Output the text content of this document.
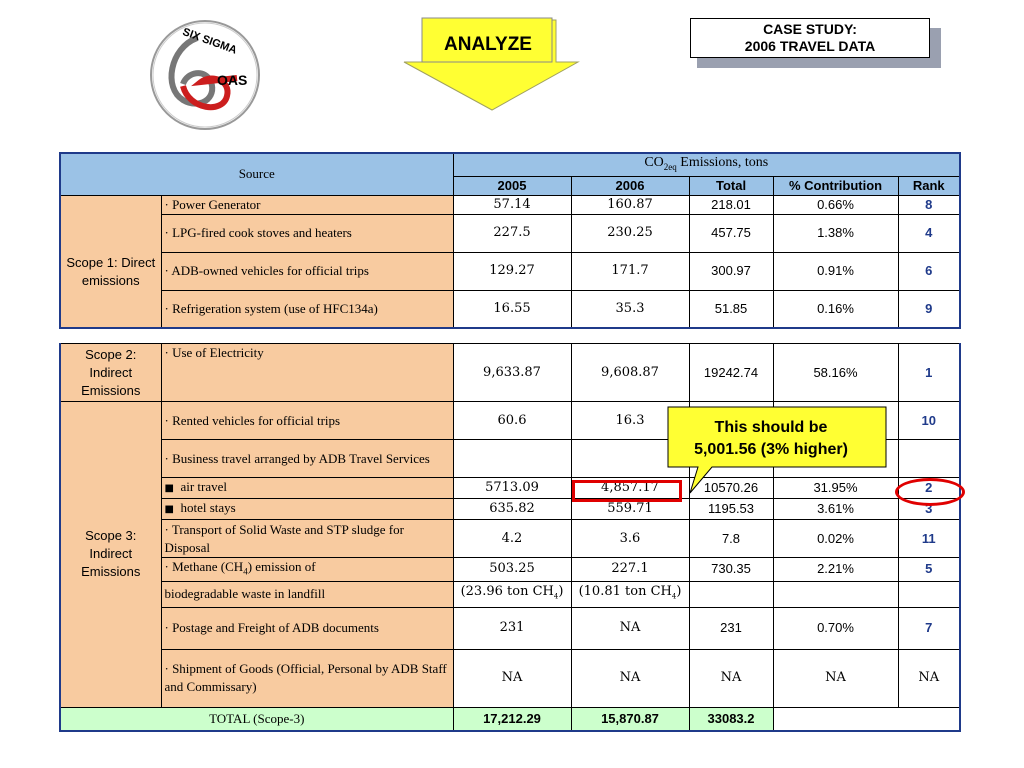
SIX SIGMA
OAS
ANALYZE
CASE STUDY:
2006 TRAVEL DATA
Source		$CO_{2eq}$ Emissions, tons				
		2005	2006	Total	% Contribution	Rank
Scope 1: Direct emissions	· Power Generator	57.14	160.87	218.01	0.66%	8
	· LPG-fired cook stoves and heaters	227.5	230.25	457.75	1.38%	4
	· ADB-owned vehicles for official trips	129.27	171.7	300.97	0.91%	6
	· Refrigeration system (use of HFC134a)	16.55	35.3	51.85	0.16%	9
Scope 2: Indirect Emissions	· Use of Electricity	9,633.87	9,608.87	19242.74	58.16%	1
Scope 3: Indirect Emissions	· Rented vehicles for official trips	60.6	16.3			10
	· Business travel arranged by ADB Travel Services					
	■ air travel	5713.09	4,857.17	10570.26	31.95%	2
	■ hotel stays	635.82	559.71	1195.53	3.61%	3
	· Transport of Solid Waste and STP sludge for Disposal	4.2	3.6	7.8	0.02%	11
	· Methane $(CH_4)$ emission of	503.25	227.1	730.35	2.21%	5
	biodegradable waste in landfill	(23.96 ton $CH_4$)	(10.81 ton $CH_4$)			
	· Postage and Freight of ADB documents	231	NA	231	0.70%	7
	· Shipment of Goods (Official, Personal by ADB Staff and Commissary)	NA	NA	NA	NA	NA
TOTAL (Scope-3)		17,212.29	15,870.87	33083.2		
This should be
5,001.56 (3% higher)
